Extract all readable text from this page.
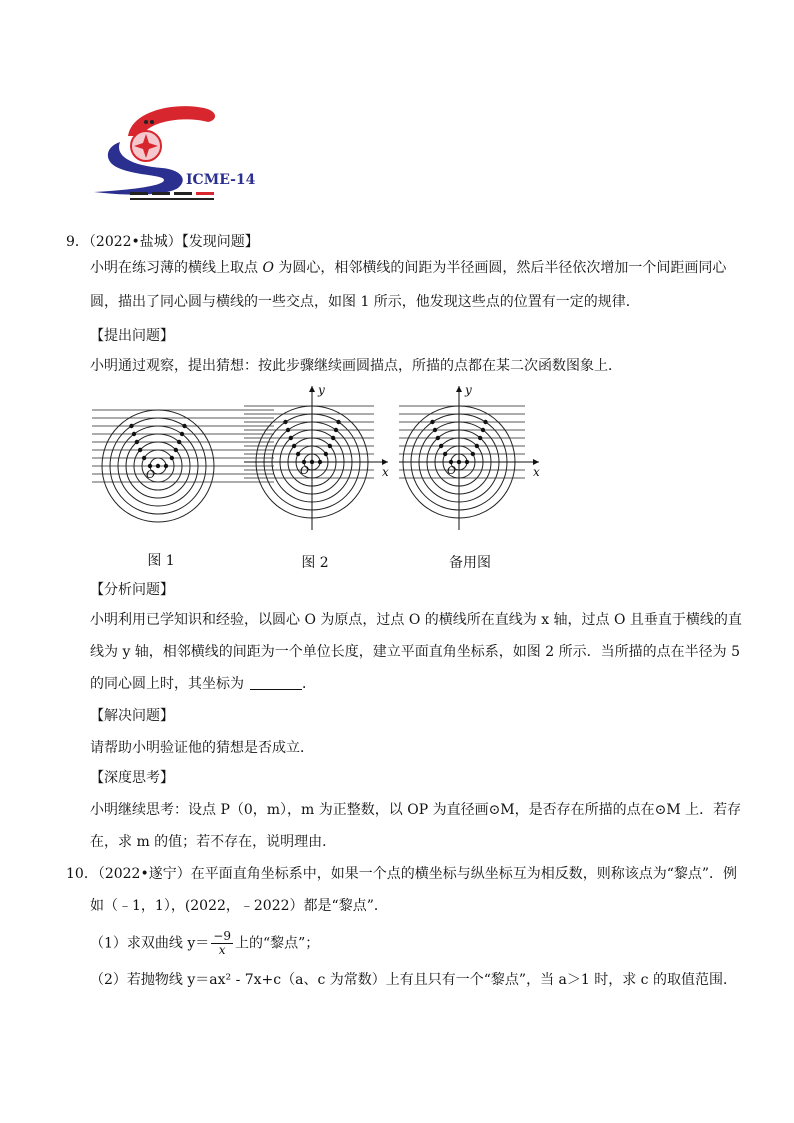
ICME-14
9．（2022•盐城）【发现问题】
小明在练习薄的横线上取点 O 为圆心，相邻横线的间距为半径画圆，然后半径依次增加一个间距画同心
圆，描出了同心圆与横线的一些交点，如图 1 所示，他发现这些点的位置有一定的规律．
【提出问题】
小明通过观察，提出猜想：按此步骤继续画圆描点，所描的点都在某二次函数图象上．
O	O	x
y
O	x
y
图 1	图 2	备用图
【分析问题】
小明利用已学知识和经验，以圆心 O 为原点，过点 O 的横线所在直线为 x 轴，过点 O 且垂直于横线的直
线为 y 轴，相邻横线的间距为一个单位长度，建立平面直角坐标系，如图 2 所示．当所描的点在半径为 5
的同心圆上时，其坐标为	．
【解决问题】
请帮助小明验证他的猜想是否成立．
【深度思考】
小明继续思考：设点 P（0，m），m 为正整数，以 OP 为直径画⊙M，是否存在所描的点在⊙M 上．若存
在，求 m 的值；若不存在，说明理由．
10．（2022•遂宁）在平面直角坐标系中，如果一个点的横坐标与纵坐标互为相反数，则称该点为“黎点”．例
如（﹣1，1），(2022，﹣2022）都是“黎点”．
（1）求双曲线 $y= \frac{-9}{x}$ 上的“黎点”；
（2）若抛物线 y＝ax² - 7x+c（a、c 为常数）上有且只有一个“黎点”，当 a＞1 时，求 c 的取值范围．
